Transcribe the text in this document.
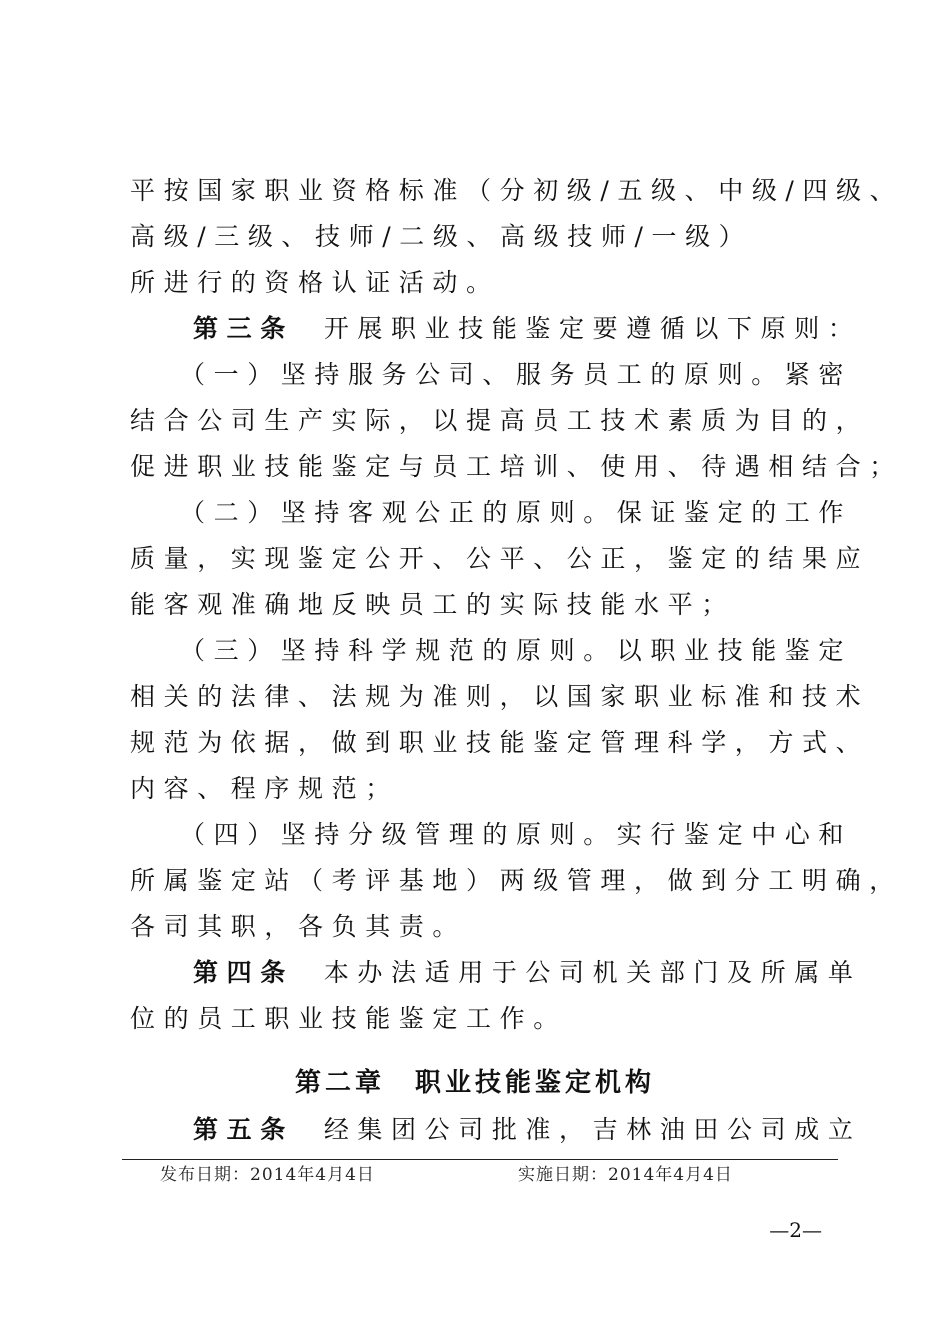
平按国家职业资格标准（分初级/五级、中级/四级、
高级/三级、技师/二级、高级技师/一级）
所进行的资格认证活动。
第三条 开展职业技能鉴定要遵循以下原则：
（一）坚持服务公司、服务员工的原则。紧密
结合公司生产实际，以提高员工技术素质为目的，
促进职业技能鉴定与员工培训、使用、待遇相结合；
（二）坚持客观公正的原则。保证鉴定的工作
质量，实现鉴定公开、公平、公正，鉴定的结果应
能客观准确地反映员工的实际技能水平；
（三）坚持科学规范的原则。以职业技能鉴定
相关的法律、法规为准则，以国家职业标准和技术
规范为依据，做到职业技能鉴定管理科学，方式、
内容、程序规范；
（四）坚持分级管理的原则。实行鉴定中心和
所属鉴定站（考评基地）两级管理，做到分工明确，
各司其职，各负其责。
第四条 本办法适用于公司机关部门及所属单
位的员工职业技能鉴定工作。
第二章　职业技能鉴定机构
第五条 经集团公司批准，吉林油田公司成立
发布日期：2014年4月4日	实施日期：2014年4月4日
—2—
